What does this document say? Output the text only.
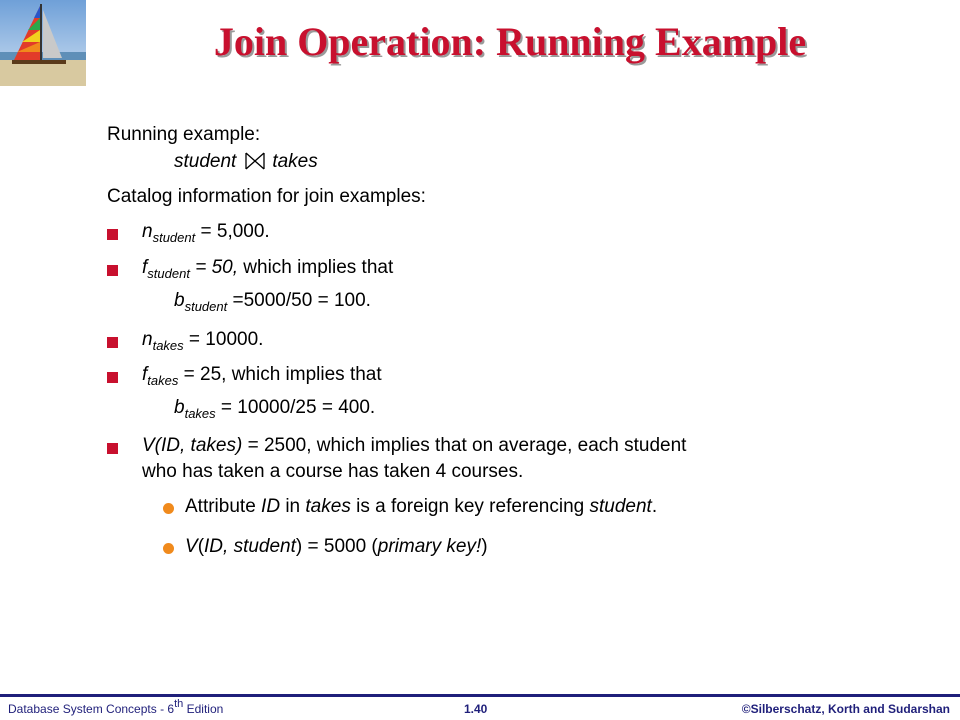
Join Operation: Running Example
Running example:
student takes
Catalog information for join examples:
$n_{student} = 5,000$.
$f_{student} = 50$, which implies that
$b_{student} =5000/50 = 100$.
$n_{takes} = 10000$.
$f_{takes} = 25$, which implies that
$b_{takes} = 10000/25 = 400$.
V(ID, takes) = 2500, which implies that on average, each student
who has taken a course has taken 4 courses.
Attribute ID in takes is a foreign key referencing student.
V(ID, student) = 5000 (primary key!)
Database System Concepts - 6th Edition	1.40	©Silberschatz, Korth and Sudarshan
